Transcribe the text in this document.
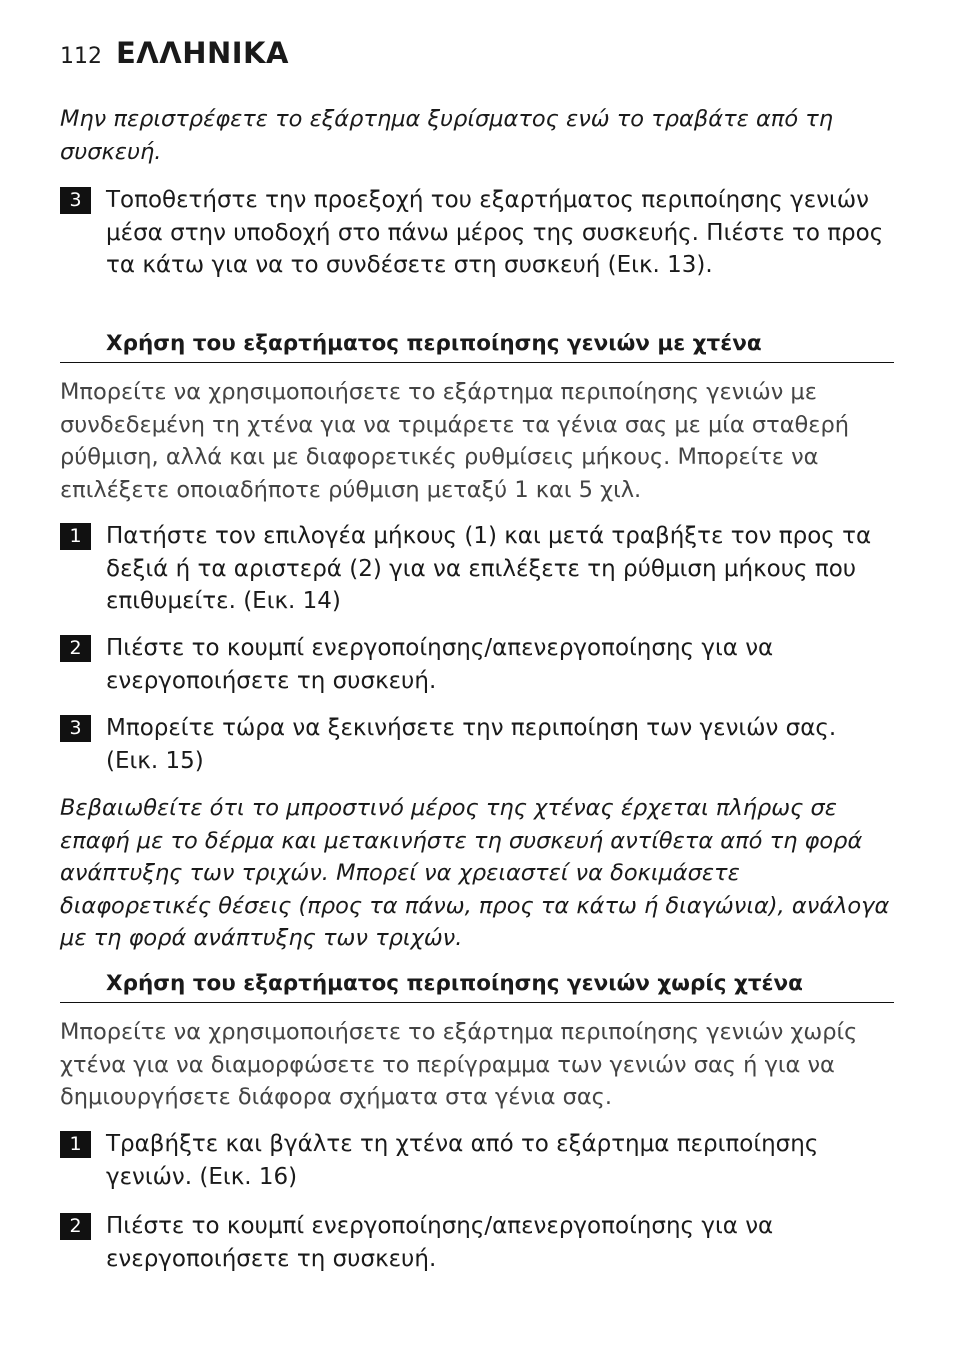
112 ΕΛΛΗΝΙΚΑ

Μην περιστρέφετε το εξάρτημα ξυρίσματος ενώ το τραβάτε από τη συσκευή.

3	Τοποθετήστε την προεξοχή του εξαρτήματος περιποίησης γενιών μέσα στην υποδοχή στο πάνω μέρος της συσκευής. Πιέστε το προς τα κάτω για να το συνδέσετε στη συσκευή (Εικ. 13).

Χρήση του εξαρτήματος περιποίησης γενιών με χτένα

Μπορείτε να χρησιμοποιήσετε το εξάρτημα περιποίησης γενιών με συνδεδεμένη τη χτένα για να τριμάρετε τα γένια σας με μία σταθερή ρύθμιση, αλλά και με διαφορετικές ρυθμίσεις μήκους. Μπορείτε να επιλέξετε οποιαδήποτε ρύθμιση μεταξύ 1 και 5 χιλ.

1	Πατήστε τον επιλογέα μήκους (1) και μετά τραβήξτε τον προς τα δεξιά ή τα αριστερά (2) για να επιλέξετε τη ρύθμιση μήκους που επιθυμείτε. (Εικ. 14)

2	Πιέστε το κουμπί ενεργοποίησης/απενεργοποίησης για να ενεργοποιήσετε τη συσκευή.

3	Μπορείτε τώρα να ξεκινήσετε την περιποίηση των γενιών σας. (Εικ. 15)

Βεβαιωθείτε ότι το μπροστινό μέρος της χτένας έρχεται πλήρως σε επαφή με το δέρμα και μετακινήστε τη συσκευή αντίθετα από τη φορά ανάπτυξης των τριχών. Μπορεί να χρειαστεί να δοκιμάσετε διαφορετικές θέσεις (προς τα πάνω, προς τα κάτω ή διαγώνια), ανάλογα με τη φορά ανάπτυξης των τριχών.

Χρήση του εξαρτήματος περιποίησης γενιών χωρίς χτένα

Μπορείτε να χρησιμοποιήσετε το εξάρτημα περιποίησης γενιών χωρίς χτένα για να διαμορφώσετε το περίγραμμα των γενιών σας ή για να δημιουργήσετε διάφορα σχήματα στα γένια σας.

1	Τραβήξτε και βγάλτε τη χτένα από το εξάρτημα περιποίησης γενιών. (Εικ. 16)

2	Πιέστε το κουμπί ενεργοποίησης/απενεργοποίησης για να ενεργοποιήσετε τη συσκευή.
